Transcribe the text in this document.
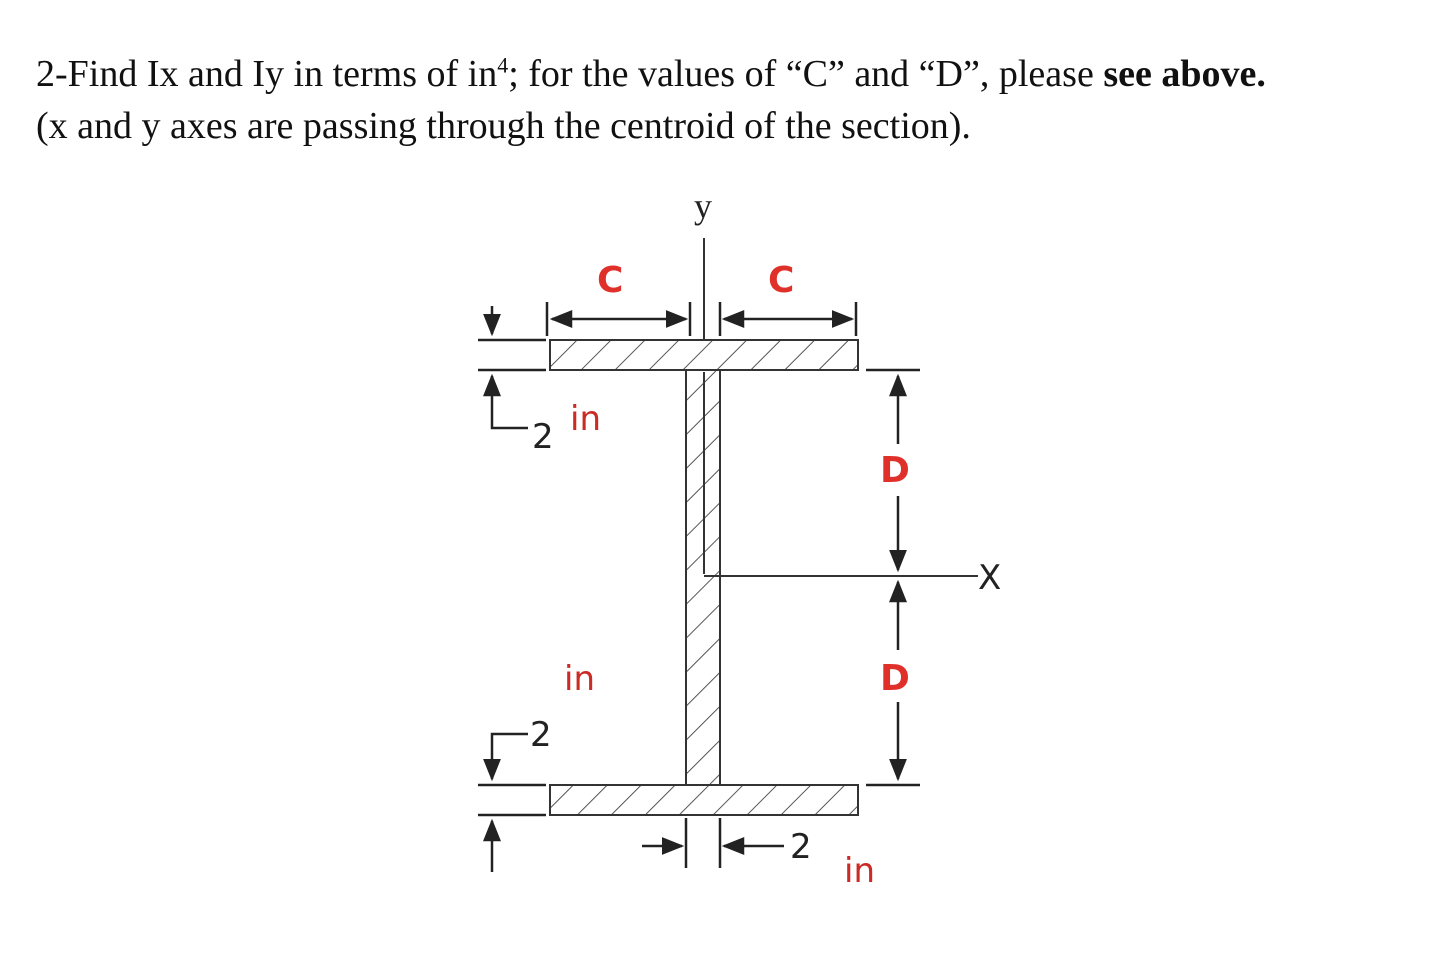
2-Find Ix and Iy in terms of $in^4$; for the values of “C” and “D”, please see above.

(x and y axes are passing through the centroid of the section).

y
X
C	C
D
D
2 in
2
in
2
in
